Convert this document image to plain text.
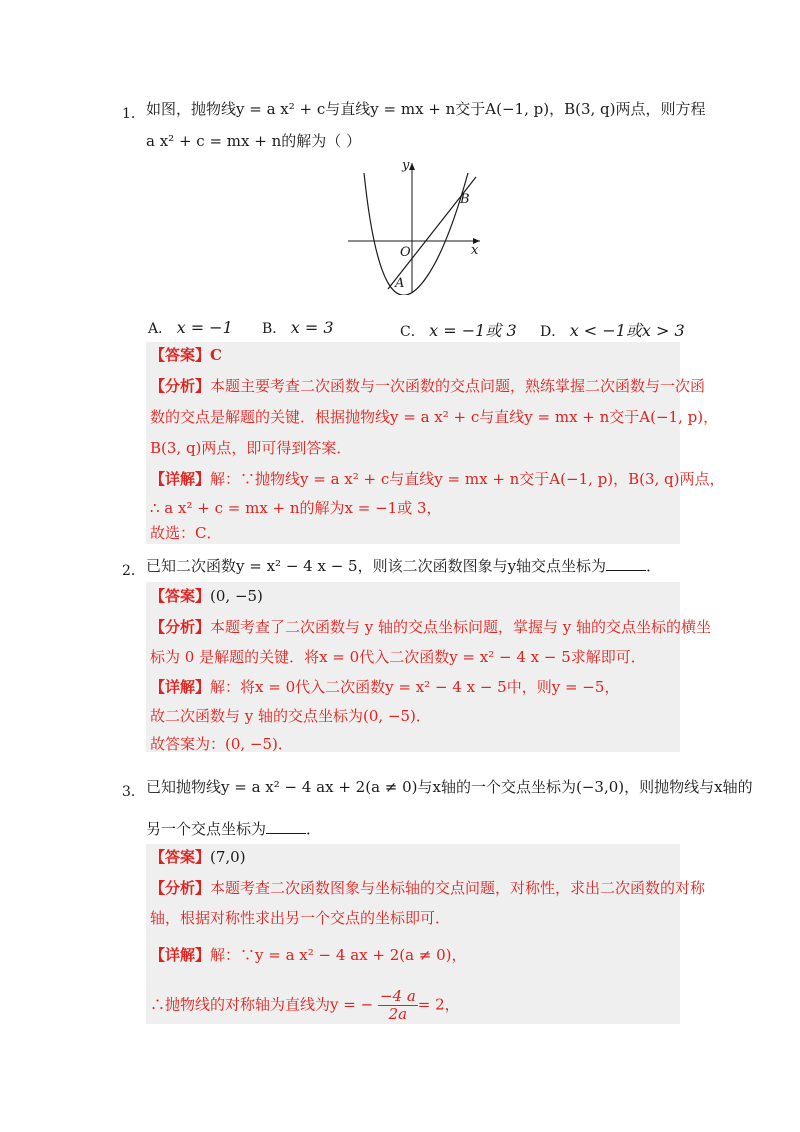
1． 如图，抛物线y = a x² + c与直线y = mx + n交于A(−1, p)，B(3, q)两点，则方程
a x² + c = mx + n的解为（ ）
y
x
O
A
B
A． x = −1 B． x = 3	C． x = −1或 3 D． x < −1或x > 3
【答案】C
【分析】本题主要考查二次函数与一次函数的交点问题，熟练掌握二次函数与一次函
数的交点是解题的关键．根据抛物线y = a x² + c与直线y = mx + n交于A(−1, p)，
B(3, q)两点，即可得到答案．
【详解】解：∵抛物线y = a x² + c与直线y = mx + n交于A(−1, p)，B(3, q)两点，
∴ a x² + c = mx + n的解为x = −1或 3，
故选：C．
2． 已知二次函数y = x² − 4 x − 5，则该二次函数图象与y轴交点坐标为	．
【答案】(0, −5)
【分析】本题考查了二次函数与 y 轴的交点坐标问题，掌握与 y 轴的交点坐标的横坐
标为 0 是解题的关键．将x = 0代入二次函数y = x² − 4 x − 5求解即可．
【详解】解：将x = 0代入二次函数y = x² − 4 x − 5中，则y = −5，
故二次函数与 y 轴的交点坐标为(0, −5)．
故答案为：(0, −5)．
3． 已知抛物线y = a x² − 4 ax + 2(a ≠ 0)与x轴的一个交点坐标为(−3,0)，则抛物线与x轴的
另一个交点坐标为	．
【答案】(7,0)
【分析】本题考查二次函数图象与坐标轴的交点问题，对称性，求出二次函数的对称
轴，根据对称性求出另一个交点的坐标即可．
【详解】解：∵y = a x² − 4 ax + 2(a ≠ 0)，
∴抛物线的对称轴为直线为y = − $\frac{-4 a}{2a} = 2$，
